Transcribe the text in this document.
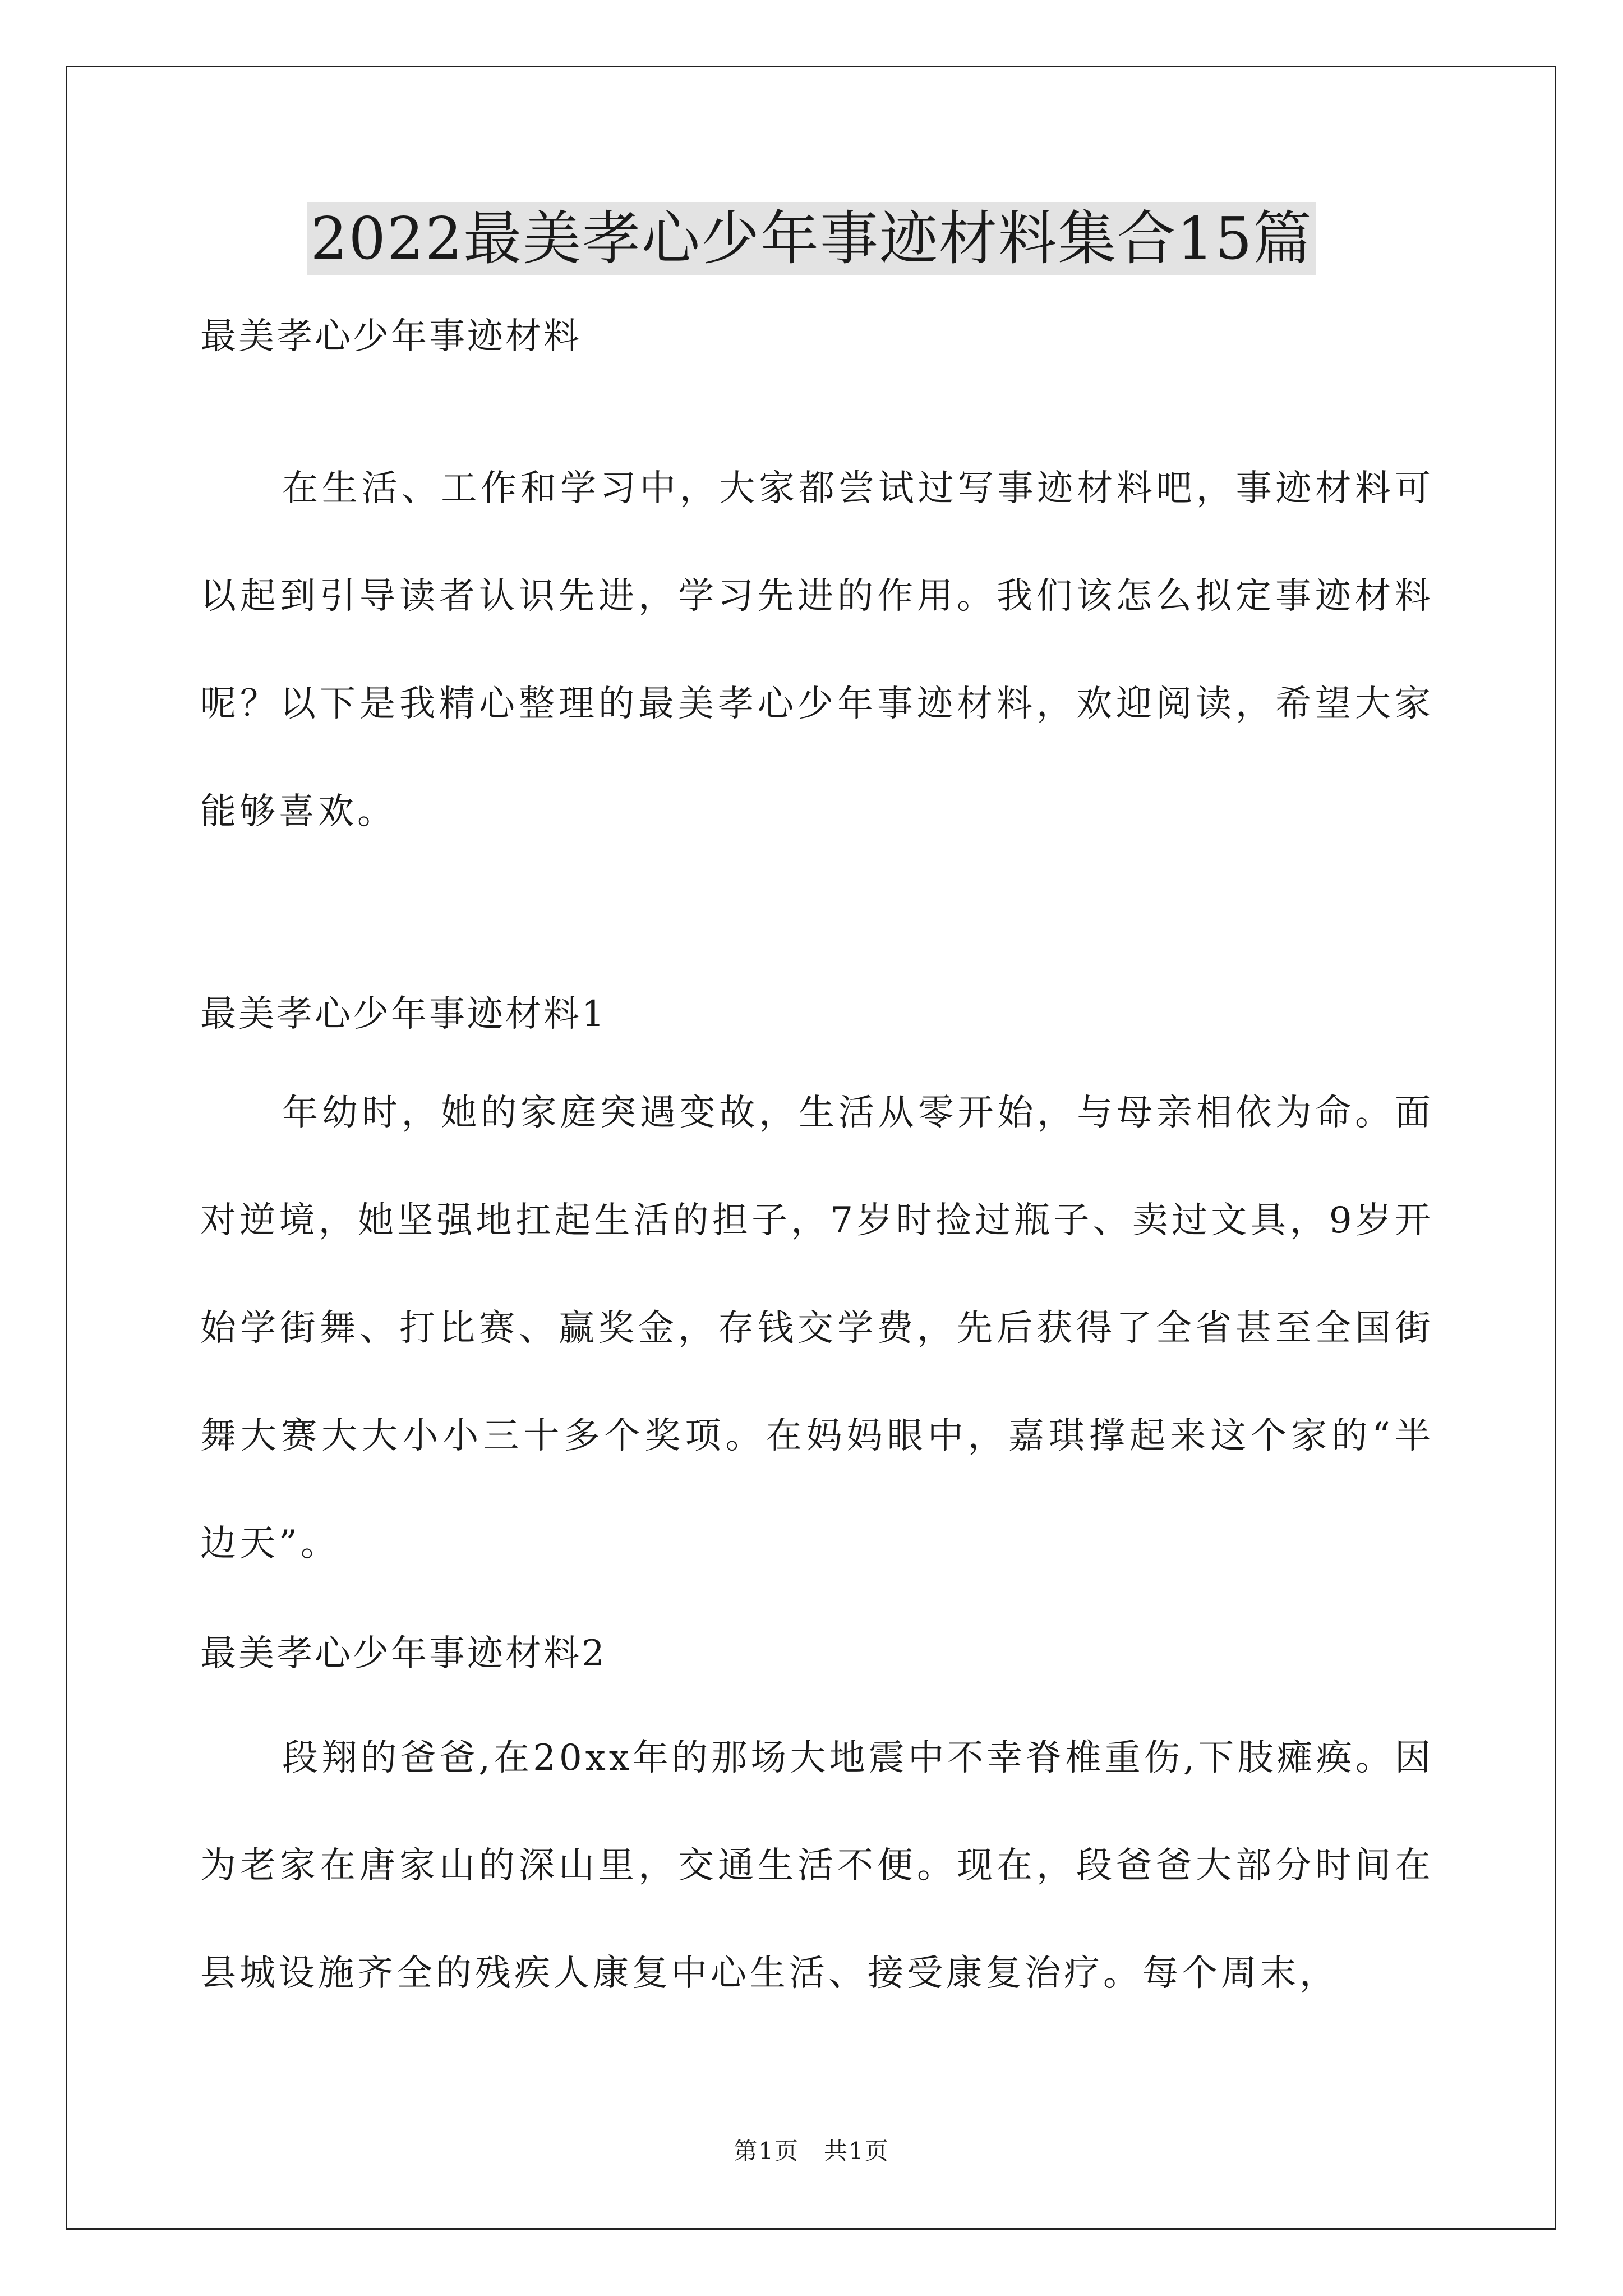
2022最美孝心少年事迹材料集合15篇
最美孝心少年事迹材料
在生活、工作和学习中，大家都尝试过写事迹材料吧，事迹材料可以起到引导读者认识先进，学习先进的作用。我们该怎么拟定事迹材料呢？以下是我精心整理的最美孝心少年事迹材料，欢迎阅读，希望大家能够喜欢。
最美孝心少年事迹材料1
年幼时，她的家庭突遇变故，生活从零开始，与母亲相依为命。面对逆境，她坚强地扛起生活的担子，7岁时捡过瓶子、卖过文具，9岁开始学街舞、打比赛、赢奖金，存钱交学费，先后获得了全省甚至全国街舞大赛大大小小三十多个奖项。在妈妈眼中，嘉琪撑起来这个家的“半边天”。
最美孝心少年事迹材料2
段翔的爸爸,在20xx年的那场大地震中不幸脊椎重伤,下肢瘫痪。因为老家在唐家山的深山里，交通生活不便。现在，段爸爸大部分时间在县城设施齐全的残疾人康复中心生活、接受康复治疗。每个周末，
第1页　共1页
